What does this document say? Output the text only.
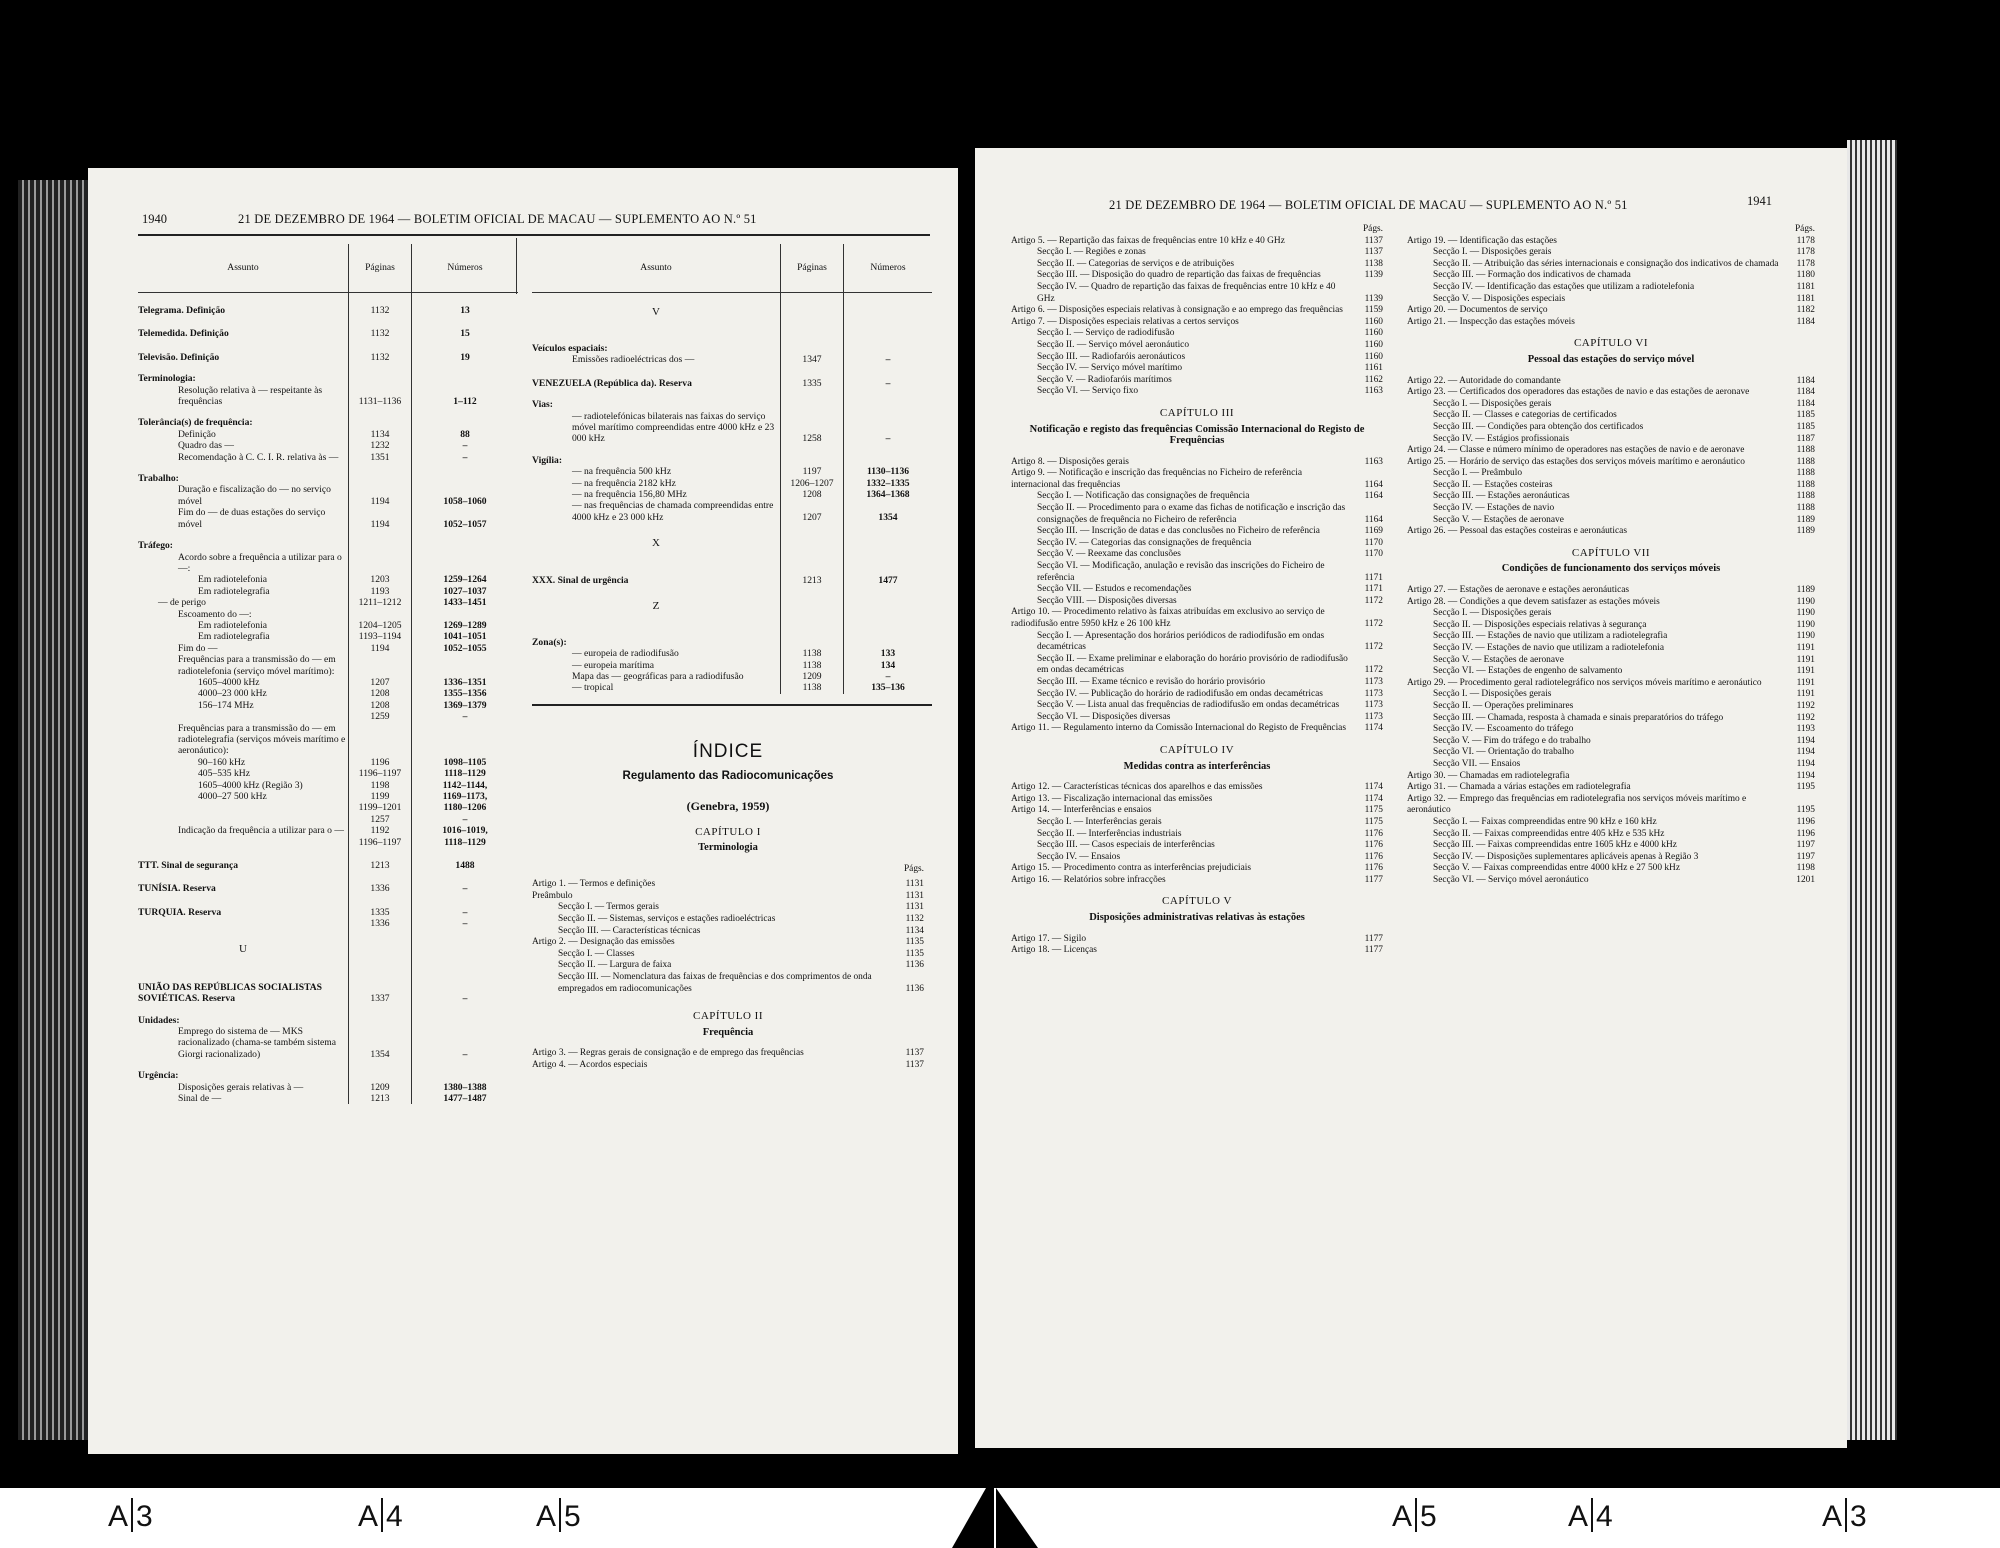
1940	21 DE DEZEMBRO DE 1964 — BOLETIM OFICIAL DE MACAU — SUPLEMENTO AO N.º 51
Assunto	Páginas	Números
Telegrama. Definição	1132	13
Telemedida. Definição	1132	15
Televisão. Definição	1132	19
Terminologia:		
Resolução relativa à — respeitante às frequências	1131–1136	1–112
Tolerância(s) de frequência:		
Definição	1134	88
Quadro das —	1232	–
Recomendação à C. C. I. R. relativa às —	1351	–
Trabalho:		
Duração e fiscalização do — no serviço móvel	1194	1058–1060
Fim do — de duas estações do serviço móvel	1194	1052–1057
Tráfego:		
Acordo sobre a frequência a utilizar para o —:		
Em radiotelefonia	1203	1259–1264
Em radiotelegrafia	1193	1027–1037
— de perigo	1211–1212	1433–1451
Escoamento do —:		
Em radiotelefonia	1204–1205	1269–1289
Em radiotelegrafia	1193–1194	1041–1051
Fim do —	1194	1052–1055
Frequências para a transmissão do — em radiotelefonia (serviço móvel marítimo):		
1605–4000 kHz	1207	1336–1351
4000–23 000 kHz	1208	1355–1356
156–174 MHz	1208	1369–1379
	1259	–
Frequências para a transmissão do — em radiotelegrafia (serviços móveis marítimo e aeronáutico):		
90–160 kHz	1196	1098–1105
405–535 kHz	1196–1197	1118–1129
1605–4000 kHz (Região 3)	1198	1142–1144,
4000–27 500 kHz	1199	1169–1173,
	1199–1201	1180–1206
	1257	–
Indicação da frequência a utilizar para o —	1192	1016–1019,
	1196–1197	1118–1129
TTT. Sinal de segurança	1213	1488
TUNÍSIA. Reserva	1336	–
TURQUIA. Reserva	1335	–
	1336	–
U		
UNIÃO DAS REPÚBLICAS SOCIALISTAS SOVIÉTICAS. Reserva	1337	–
Unidades:		
Emprego do sistema de — MKS racionalizado (chama-se também sistema Giorgi racionalizado)	1354	–
Urgência:		
Disposições gerais relativas à —	1209	1380–1388
Sinal de —	1213	1477–1487
Assunto	Páginas	Números
V		
Veículos espaciais:		
Emissões radioeléctricas dos —	1347	–
VENEZUELA (República da). Reserva	1335	–
Vias:		
— radiotelefónicas bilaterais nas faixas do serviço móvel marítimo compreendidas entre 4000 kHz e 23 000 kHz	1258	–
Vigília:		
— na frequência 500 kHz	1197	1130–1136
— na frequência 2182 kHz	1206–1207	1332–1335
— na frequência 156,80 MHz	1208	1364–1368
— nas frequências de chamada compreendidas entre 4000 kHz e 23 000 kHz	1207	1354
X		
XXX. Sinal de urgência	1213	1477
Z		
Zona(s):		
— europeia de radiodifusão	1138	133
— europeia marítima	1138	134
Mapa das — geográficas para a radiodifusão	1209	–
— tropical	1138	135–136
ÍNDICE
Regulamento das Radiocomunicações
(Genebra, 1959)
CAPÍTULO I
Terminologia
Págs.
Artigo 1. — Termos e definições	1131
Preâmbulo	1131
Secção I. — Termos gerais	1131
Secção II. — Sistemas, serviços e estações radioeléctricas	1132
Secção III. — Características técnicas	1134
Artigo 2. — Designação das emissões	1135
Secção I. — Classes	1135
Secção II. — Largura de faixa	1136
Secção III. — Nomenclatura das faixas de frequências e dos comprimentos de onda empregados em radiocomunicações	1136
CAPÍTULO II
Frequência
Artigo 3. — Regras gerais de consignação e de emprego das frequências	1137
Artigo 4. — Acordos especiais	1137
21 DE DEZEMBRO DE 1964 — BOLETIM OFICIAL DE MACAU — SUPLEMENTO AO N.º 51	1941
Págs.
Artigo 5. — Repartição das faixas de frequências entre 10 kHz e 40 GHz	1137
Secção I. — Regiões e zonas	1137
Secção II. — Categorias de serviços e de atribuições	1138
Secção III. — Disposição do quadro de repartição das faixas de frequências	1139
Secção IV. — Quadro de repartição das faixas de frequências entre 10 kHz e 40 GHz	1139
Artigo 6. — Disposições especiais relativas à consignação e ao emprego das frequências	1159
Artigo 7. — Disposições especiais relativas a certos serviços	1160
Secção I. — Serviço de radiodifusão	1160
Secção II. — Serviço móvel aeronáutico	1160
Secção III. — Radiofaróis aeronáuticos	1160
Secção IV. — Serviço móvel marítimo	1161
Secção V. — Radiofaróis marítimos	1162
Secção VI. — Serviço fixo	1163
CAPÍTULO III
Notificação e registo das frequências Comissão Internacional do Registo de Frequências
Artigo 8. — Disposições gerais	1163
Artigo 9. — Notificação e inscrição das frequências no Ficheiro de referência internacional das frequências	1164
Secção I. — Notificação das consignações de frequência	1164
Secção II. — Procedimento para o exame das fichas de notificação e inscrição das consignações de frequência no Ficheiro de referência	1164
Secção III. — Inscrição de datas e das conclusões no Ficheiro de referência	1169
Secção IV. — Categorias das consignações de frequência	1170
Secção V. — Reexame das conclusões	1170
Secção VI. — Modificação, anulação e revisão das inscrições do Ficheiro de referência	1171
Secção VII. — Estudos e recomendações	1171
Secção VIII. — Disposições diversas	1172
Artigo 10. — Procedimento relativo às faixas atribuídas em exclusivo ao serviço de radiodifusão entre 5950 kHz e 26 100 kHz	1172
Secção I. — Apresentação dos horários periódicos de radiodifusão em ondas decamétricas	1172
Secção II. — Exame preliminar e elaboração do horário provisório de radiodifusão em ondas decamétricas	1172
Secção III. — Exame técnico e revisão do horário provisório	1173
Secção IV. — Publicação do horário de radiodifusão em ondas decamétricas	1173
Secção V. — Lista anual das frequências de radiodifusão em ondas decamétricas	1173
Secção VI. — Disposições diversas	1173
Artigo 11. — Regulamento interno da Comissão Internacional do Registo de Frequências	1174
CAPÍTULO IV
Medidas contra as interferências
Artigo 12. — Características técnicas dos aparelhos e das emissões	1174
Artigo 13. — Fiscalização internacional das emissões	1174
Artigo 14. — Interferências e ensaios	1175
Secção I. — Interferências gerais	1175
Secção II. — Interferências industriais	1176
Secção III. — Casos especiais de interferências	1176
Secção IV. — Ensaios	1176
Artigo 15. — Procedimento contra as interferências prejudiciais	1176
Artigo 16. — Relatórios sobre infracções	1177
CAPÍTULO V
Disposições administrativas relativas às estações
Artigo 17. — Sigilo	1177
Artigo 18. — Licenças	1177
Págs.
Artigo 19. — Identificação das estações	1178
Secção I. — Disposições gerais	1178
Secção II. — Atribuição das séries internacionais e consignação dos indicativos de chamada	1178
Secção III. — Formação dos indicativos de chamada	1180
Secção IV. — Identificação das estações que utilizam a radiotelefonia	1181
Secção V. — Disposições especiais	1181
Artigo 20. — Documentos de serviço	1182
Artigo 21. — Inspecção das estações móveis	1184
CAPÍTULO VI
Pessoal das estações do serviço móvel
Artigo 22. — Autoridade do comandante	1184
Artigo 23. — Certificados dos operadores das estações de navio e das estações de aeronave	1184
Secção I. — Disposições gerais	1184
Secção II. — Classes e categorias de certificados	1185
Secção III. — Condições para obtenção dos certificados	1185
Secção IV. — Estágios profissionais	1187
Artigo 24. — Classe e número mínimo de operadores nas estações de navio e de aeronave	1188
Artigo 25. — Horário de serviço das estações dos serviços móveis marítimo e aeronáutico	1188
Secção I. — Preâmbulo	1188
Secção II. — Estações costeiras	1188
Secção III. — Estações aeronáuticas	1188
Secção IV. — Estações de navio	1188
Secção V. — Estações de aeronave	1189
Artigo 26. — Pessoal das estações costeiras e aeronáuticas	1189
CAPÍTULO VII
Condições de funcionamento dos serviços móveis
Artigo 27. — Estações de aeronave e estações aeronáuticas	1189
Artigo 28. — Condições a que devem satisfazer as estações móveis	1190
Secção I. — Disposições gerais	1190
Secção II. — Disposições especiais relativas à segurança	1190
Secção III. — Estações de navio que utilizam a radiotelegrafia	1190
Secção IV. — Estações de navio que utilizam a radiotelefonia	1191
Secção V. — Estações de aeronave	1191
Secção VI. — Estações de engenho de salvamento	1191
Artigo 29. — Procedimento geral radiotelegráfico nos serviços móveis marítimo e aeronáutico	1191
Secção I. — Disposições gerais	1191
Secção II. — Operações preliminares	1192
Secção III. — Chamada, resposta à chamada e sinais preparatórios do tráfego	1192
Secção IV. — Escoamento do tráfego	1193
Secção V. — Fim do tráfego e do trabalho	1194
Secção VI. — Orientação do trabalho	1194
Secção VII. — Ensaios	1194
Artigo 30. — Chamadas em radiotelegrafia	1194
Artigo 31. — Chamada a várias estações em radiotelegrafia	1195
Artigo 32. — Emprego das frequências em radiotelegrafia nos serviços móveis marítimo e aeronáutico	1195
Secção I. — Faixas compreendidas entre 90 kHz e 160 kHz	1196
Secção II. — Faixas compreendidas entre 405 kHz e 535 kHz	1196
Secção III. — Faixas compreendidas entre 1605 kHz e 4000 kHz	1197
Secção IV. — Disposições suplementares aplicáveis apenas à Região 3	1197
Secção V. — Faixas compreendidas entre 4000 kHz e 27 500 kHz	1198
Secção VI. — Serviço móvel aeronáutico	1201
A 3	A 4	A 5	A 5	A 4	A 3
